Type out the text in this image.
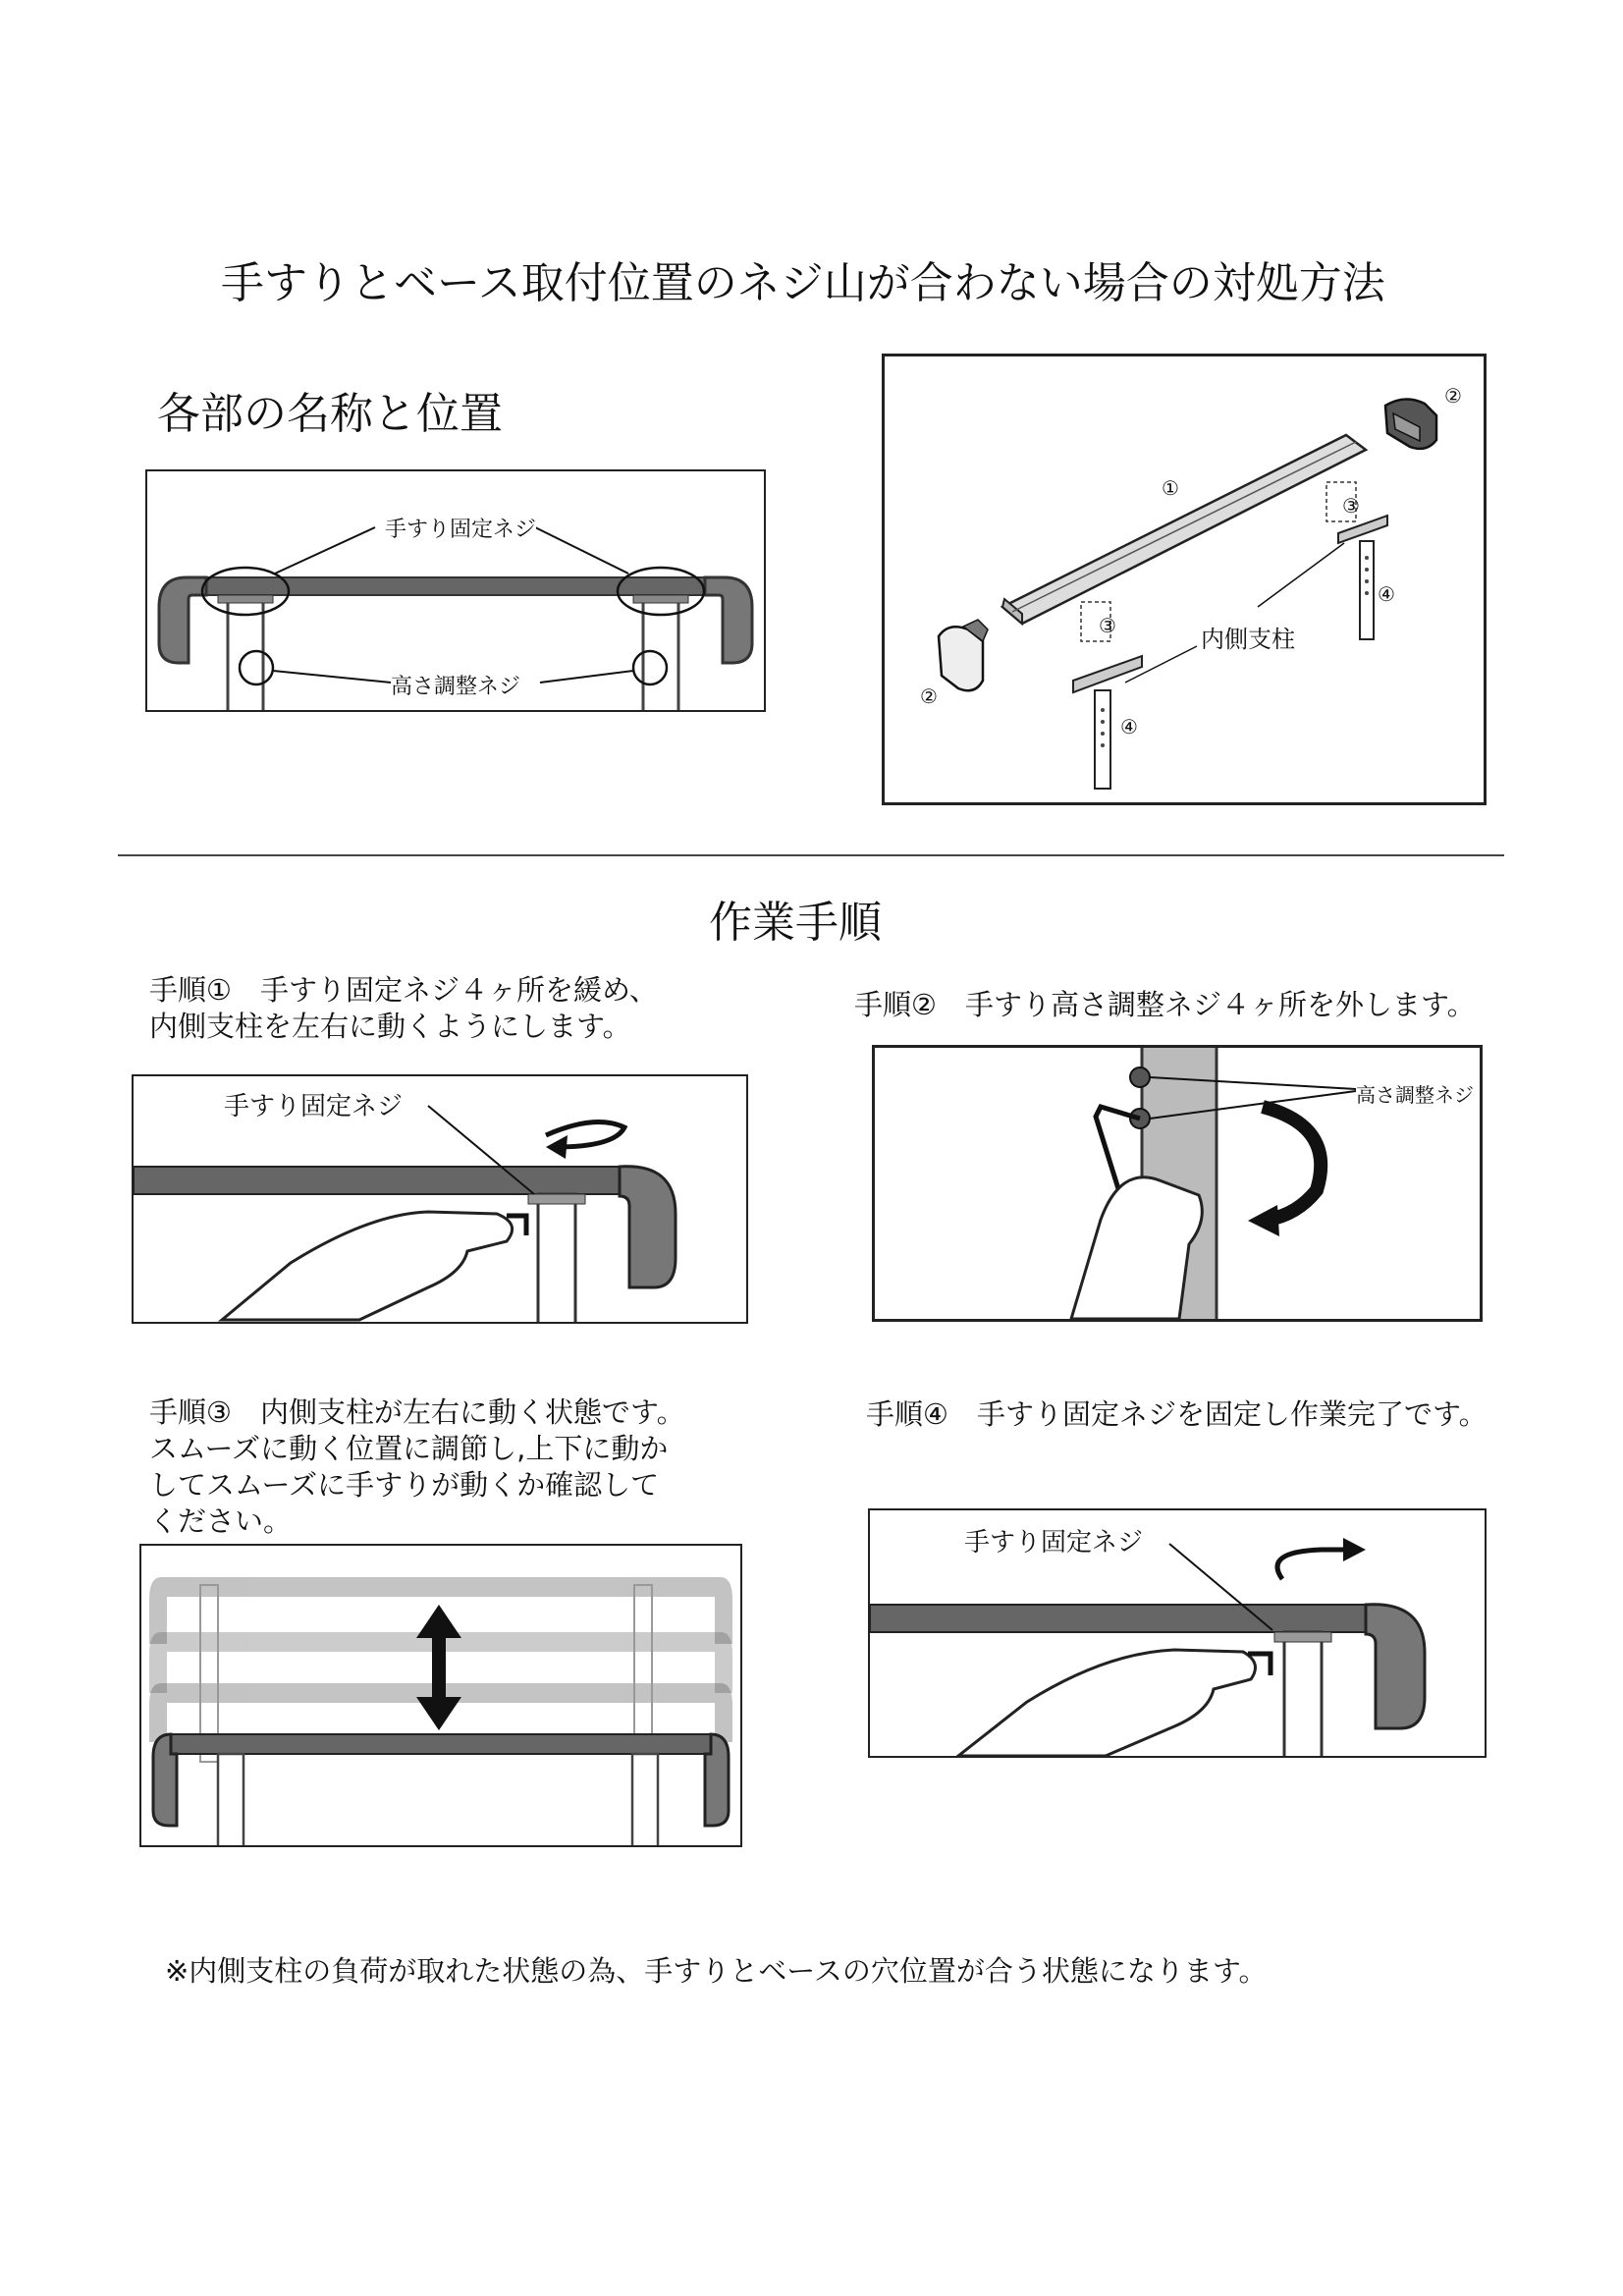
手すりとベース取付位置のネジ山が合わない場合の対処方法
各部の名称と位置
手すり固定ネジ
高さ調整ネジ
①
②
②
③
③
④
④
内側支柱
作業手順
手順①　手すり固定ネジ４ヶ所を緩め、
内側支柱を左右に動くようにします。
手すり固定ネジ
手順②　手すり高さ調整ネジ４ヶ所を外します。
高さ調整ネジ
手順③　内側支柱が左右に動く状態です。
スムーズに動く位置に調節し,上下に動か
してスムーズに手すりが動くか確認して
ください。
手順④　手すり固定ネジを固定し作業完了です。
手すり固定ネジ
※内側支柱の負荷が取れた状態の為、手すりとベースの穴位置が合う状態になります。
